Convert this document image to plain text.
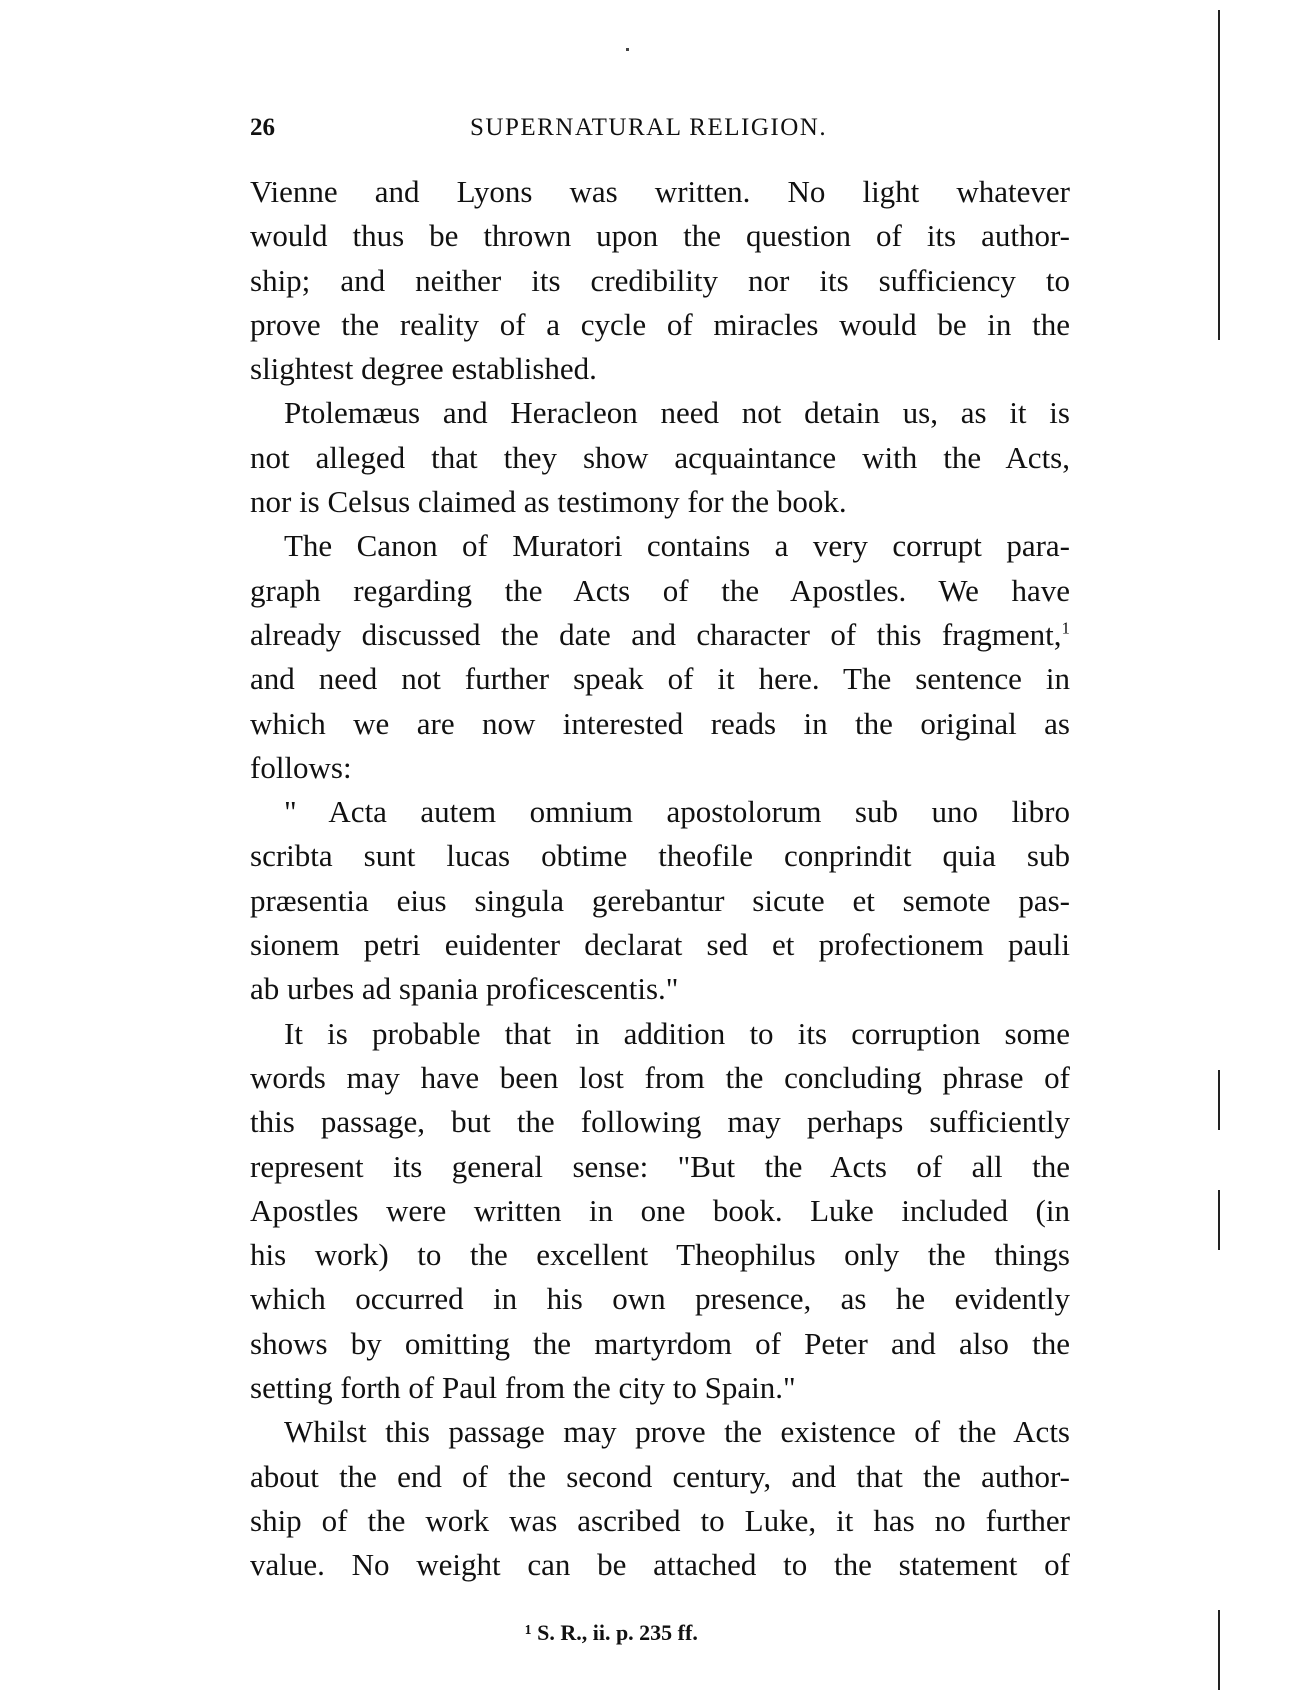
26	SUPERNATURAL RELIGION.
Vienne and Lyons was written. No light whatever
would thus be thrown upon the question of its author-
ship; and neither its credibility nor its sufficiency to
prove the reality of a cycle of miracles would be in the
slightest degree established.
Ptolemæus and Heracleon need not detain us, as it is
not alleged that they show acquaintance with the Acts,
nor is Celsus claimed as testimony for the book.
The Canon of Muratori contains a very corrupt para-
graph regarding the Acts of the Apostles. We have
already discussed the date and character of this fragment,$^1$
and need not further speak of it here. The sentence in
which we are now interested reads in the original as
follows:
" Acta autem omnium apostolorum sub uno libro
scribta sunt lucas obtime theofile conprindit quia sub
præsentia eius singula gerebantur sicute et semote pas-
sionem petri euidenter declarat sed et profectionem pauli
ab urbes ad spania proficescentis."
It is probable that in addition to its corruption some
words may have been lost from the concluding phrase of
this passage, but the following may perhaps sufficiently
represent its general sense: "But the Acts of all the
Apostles were written in one book. Luke included (in
his work) to the excellent Theophilus only the things
which occurred in his own presence, as he evidently
shows by omitting the martyrdom of Peter and also the
setting forth of Paul from the city to Spain."
Whilst this passage may prove the existence of the Acts
about the end of the second century, and that the author-
ship of the work was ascribed to Luke, it has no further
value. No weight can be attached to the statement of
¹ S. R., ii. p. 235 ff.
